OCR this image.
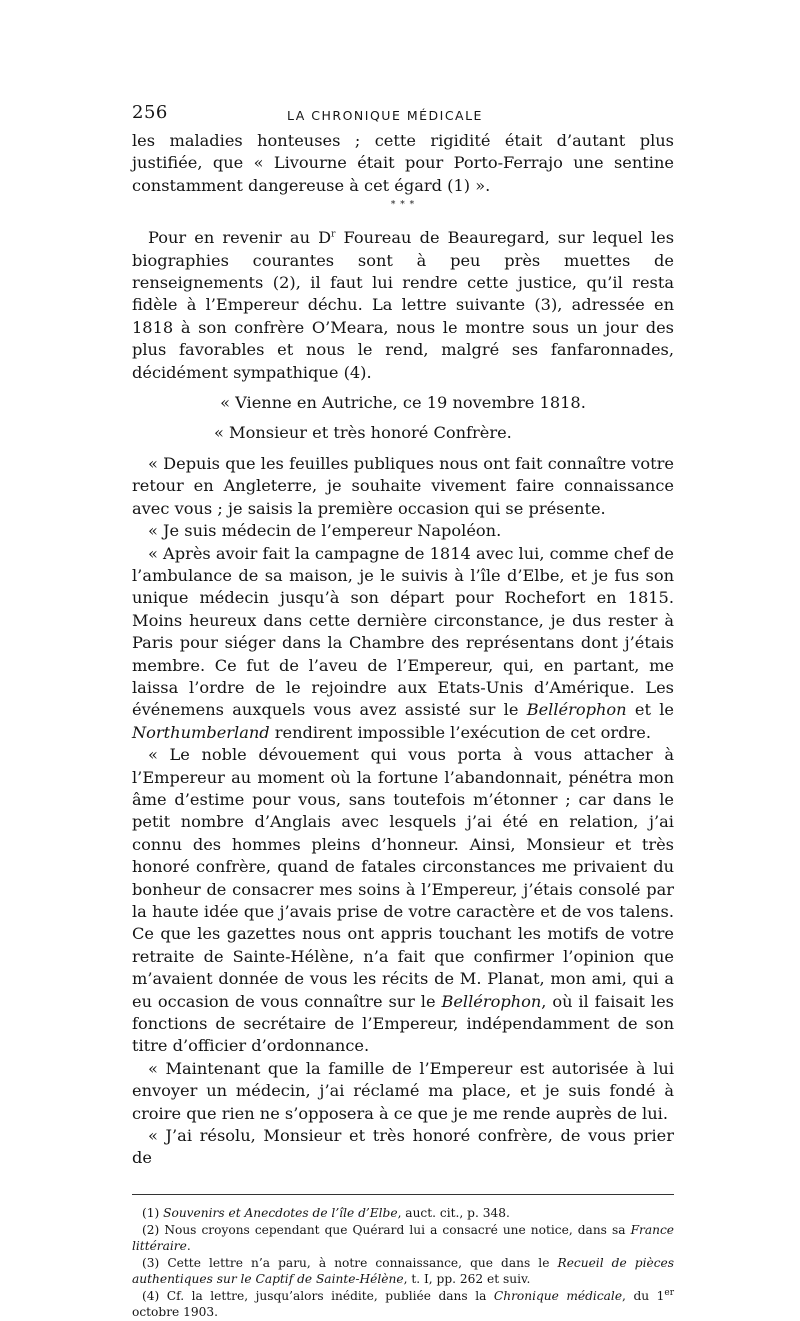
256	LA CHRONIQUE MÉDICALE

les maladies honteuses ; cette rigidité était d’autant plus justifiée, que « Livourne était pour Porto-Ferrajo une sentine constamment dangereuse à cet égard (1) ».

* * *

Pour en revenir au $D^r$ Foureau de Beauregard, sur lequel les biographies courantes sont à peu près muettes de renseignements (2), il faut lui rendre cette justice, qu’il resta fidèle à l’Empereur déchu. La lettre suivante (3), adressée en 1818 à son confrère O’Meara, nous le montre sous un jour des plus favorables et nous le rend, malgré ses fanfaronnades, décidément sympathique (4).

« Vienne en Autriche, ce 19 novembre 1818.

« Monsieur et très honoré Confrère.

« Depuis que les feuilles publiques nous ont fait connaître votre retour en Angleterre, je souhaite vivement faire connaissance avec vous ; je saisis la première occasion qui se présente.

« Je suis médecin de l’empereur Napoléon.

« Après avoir fait la campagne de 1814 avec lui, comme chef de l’ambulance de sa maison, je le suivis à l’île d’Elbe, et je fus son unique médecin jusqu’à son départ pour Rochefort en 1815. Moins heureux dans cette dernière circonstance, je dus rester à Paris pour siéger dans la Chambre des représentans dont j’étais membre. Ce fut de l’aveu de l’Empereur, qui, en partant, me laissa l’ordre de le rejoindre aux Etats-Unis d’Amérique. Les événemens auxquels vous avez assisté sur le Bellérophon et le Northumberland rendirent impossible l’exécution de cet ordre.

« Le noble dévouement qui vous porta à vous attacher à l’Empereur au moment où la fortune l’abandonnait, pénétra mon âme d’estime pour vous, sans toutefois m’étonner ; car dans le petit nombre d’Anglais avec lesquels j’ai été en relation, j’ai connu des hommes pleins d’honneur. Ainsi, Monsieur et très honoré confrère, quand de fatales circonstances me privaient du bonheur de consacrer mes soins à l’Empereur, j’étais consolé par la haute idée que j’avais prise de votre caractère et de vos talens. Ce que les gazettes nous ont appris touchant les motifs de votre retraite de Sainte-Hélène, n’a fait que confirmer l’opinion que m’avaient donnée de vous les récits de M. Planat, mon ami, qui a eu occasion de vous connaître sur le Bellérophon, où il faisait les fonctions de secrétaire de l’Empereur, indépendamment de son titre d’officier d’ordonnance.

« Maintenant que la famille de l’Empereur est autorisée à lui envoyer un médecin, j’ai réclamé ma place, et je suis fondé à croire que rien ne s’opposera à ce que je me rende auprès de lui.

« J’ai résolu, Monsieur et très honoré confrère, de vous prier de

(1) Souvenirs et Anecdotes de l’île d’Elbe, auct. cit., p. 348.

(2) Nous croyons cependant que Quérard lui a consacré une notice, dans sa France littéraire.

(3) Cette lettre n’a paru, à notre connaissance, que dans le Recueil de pièces authentiques sur le Captif de Sainte-Hélène, t. I, pp. 262 et suiv.

(4) Cf. la lettre, jusqu’alors inédite, publiée dans la Chronique médicale, du 1er octobre 1903.
